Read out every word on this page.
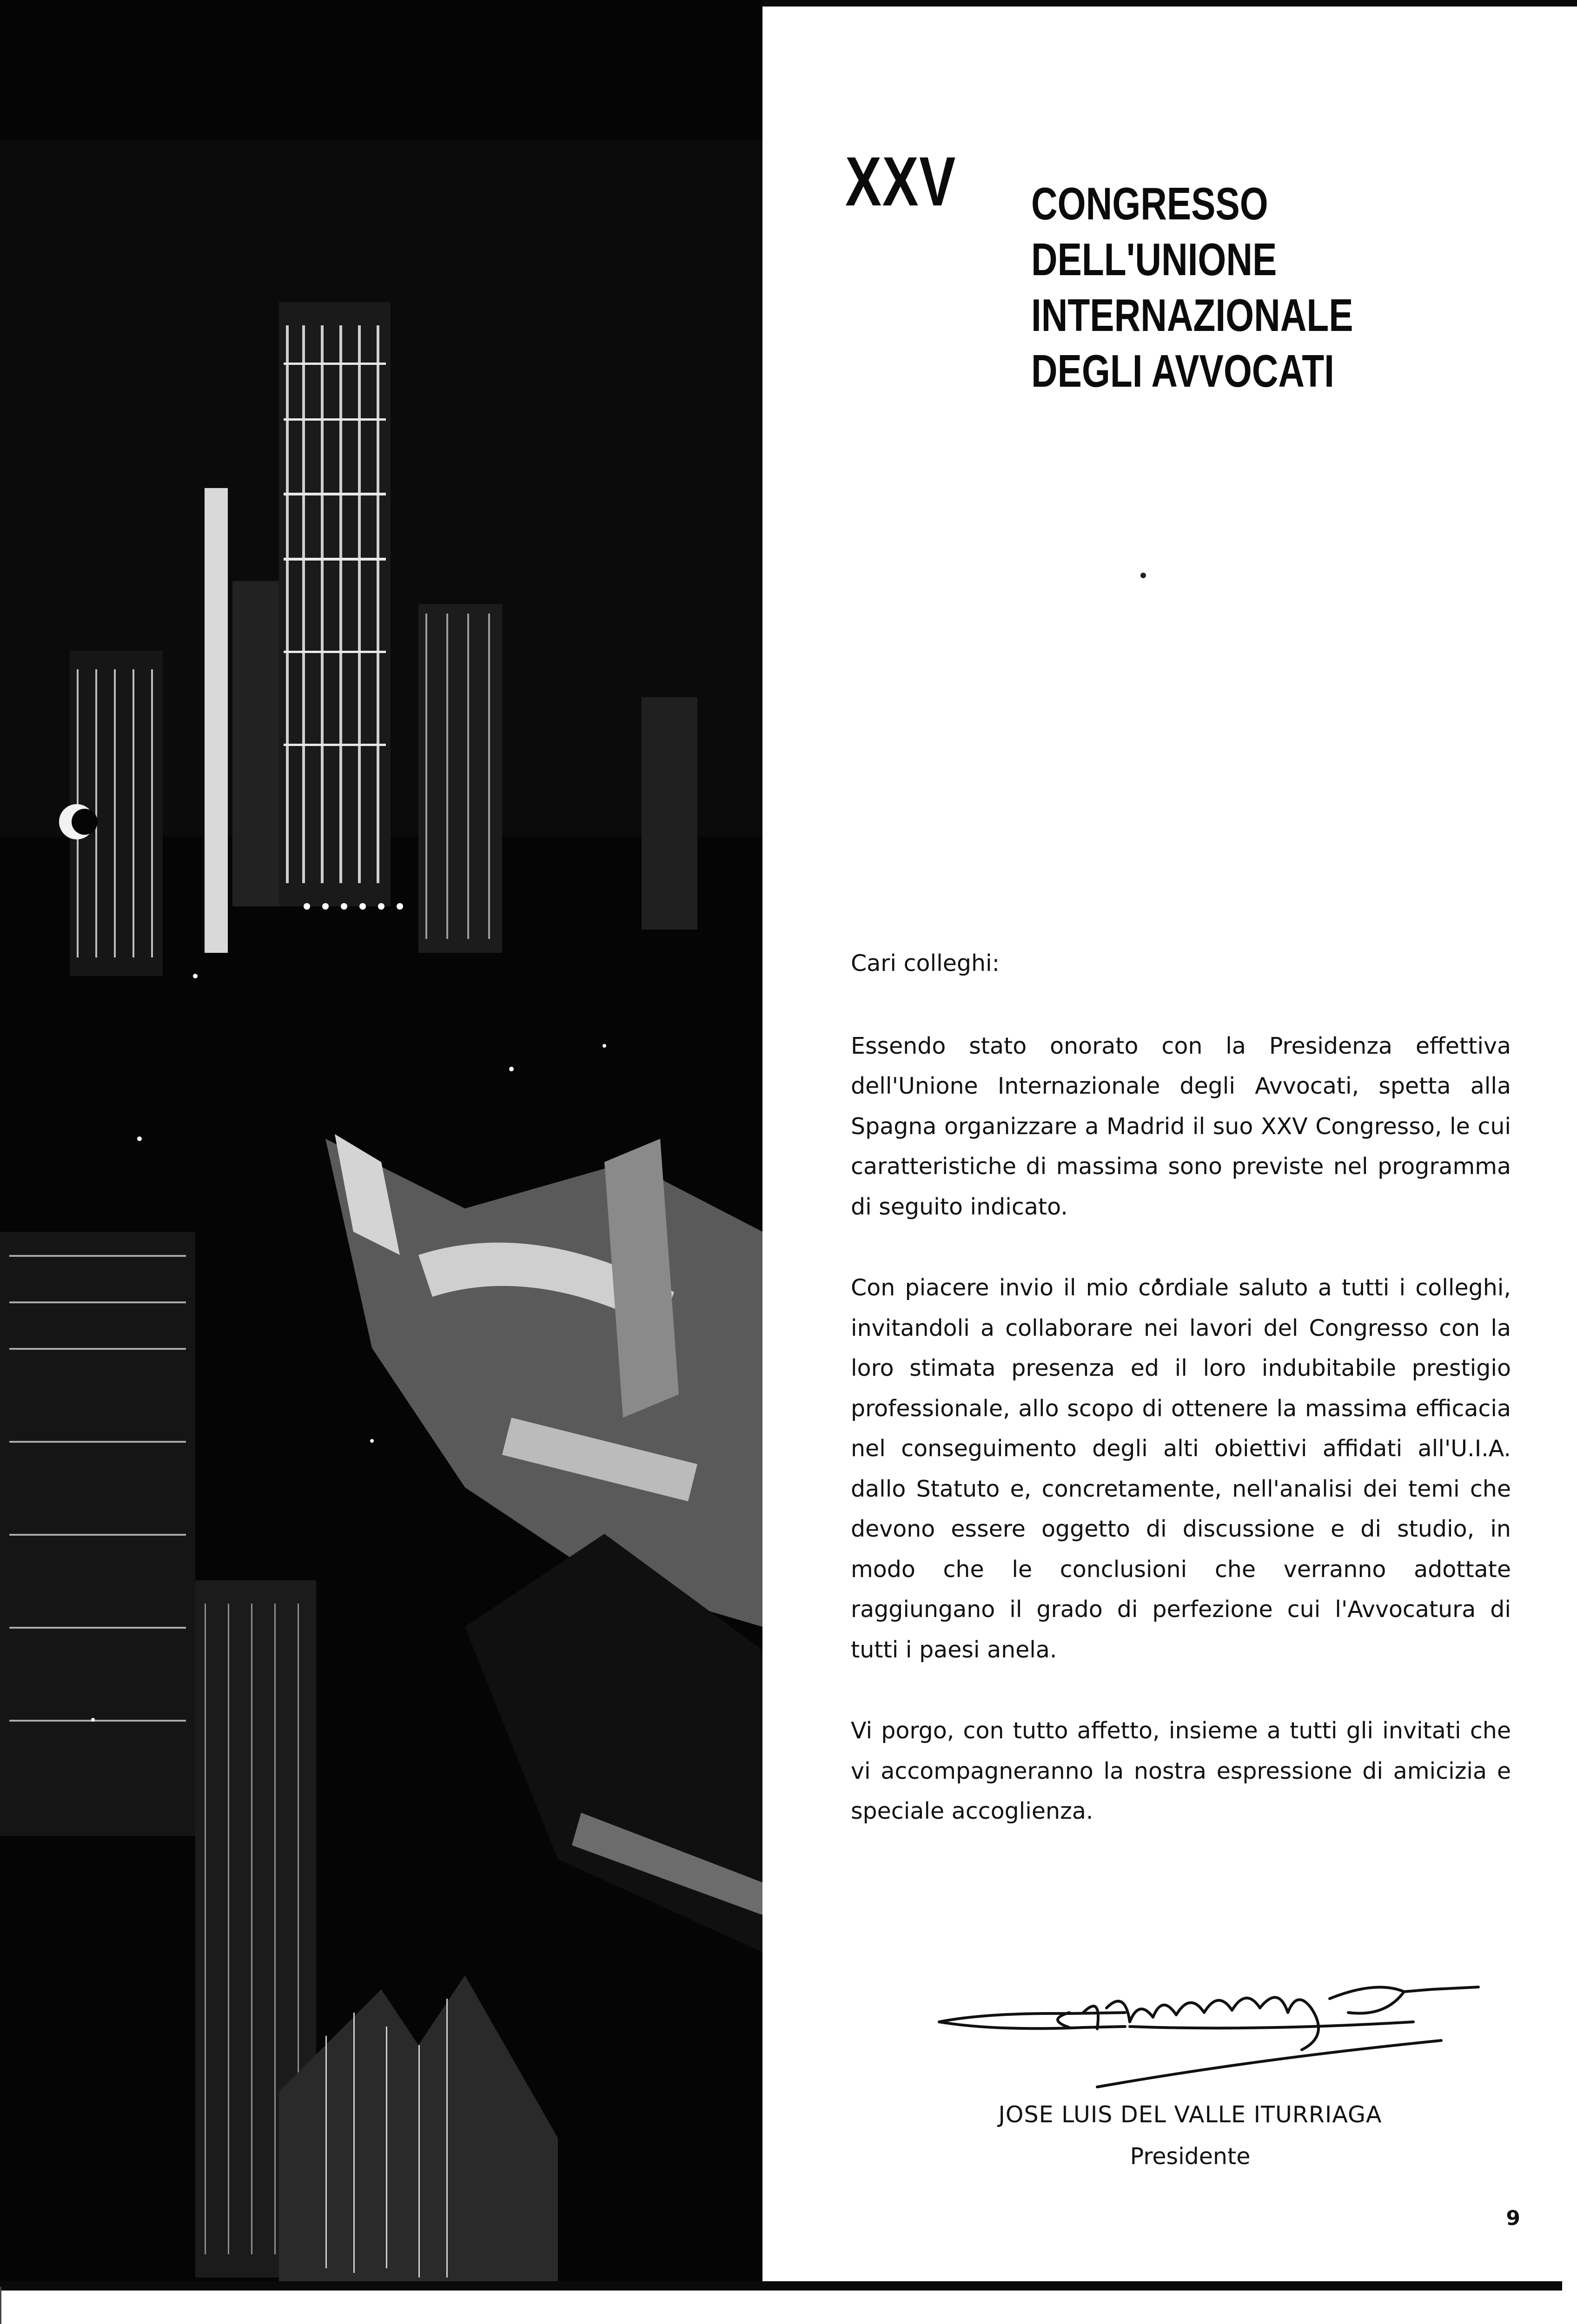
XXV CONGRESSO
DELL'UNIONE
INTERNAZIONALE
DEGLI AVVOCATI

Cari colleghi:

Essendo stato onorato con la Presidenza effettiva dell'Unione Internazionale degli Avvocati, spetta alla Spagna organizzare a Madrid il suo XXV Congresso, le cui caratteristiche di massima sono previste nel programma di seguito indicato.

Con piacere invio il mio cordiale saluto a tutti i colleghi, invitandoli a collaborare nei lavori del Congresso con la loro stimata presenza ed il loro indubitabile prestigio professionale, allo scopo di ottenere la massima efficacia nel conseguimento degli alti obiettivi affidati all'U.I.A. dallo Statuto e, concretamente, nell'analisi dei temi che devono essere oggetto di discussione e di studio, in modo che le conclusioni che verranno adottate raggiungano il grado di perfezione cui l'Avvocatura di tutti i paesi anela.

Vi porgo, con tutto affetto, insieme a tutti gli invitati che vi accompagneranno la nostra espressione di amicizia e speciale accoglienza.

JOSE LUIS DEL VALLE ITURRIAGA
Presidente
9
